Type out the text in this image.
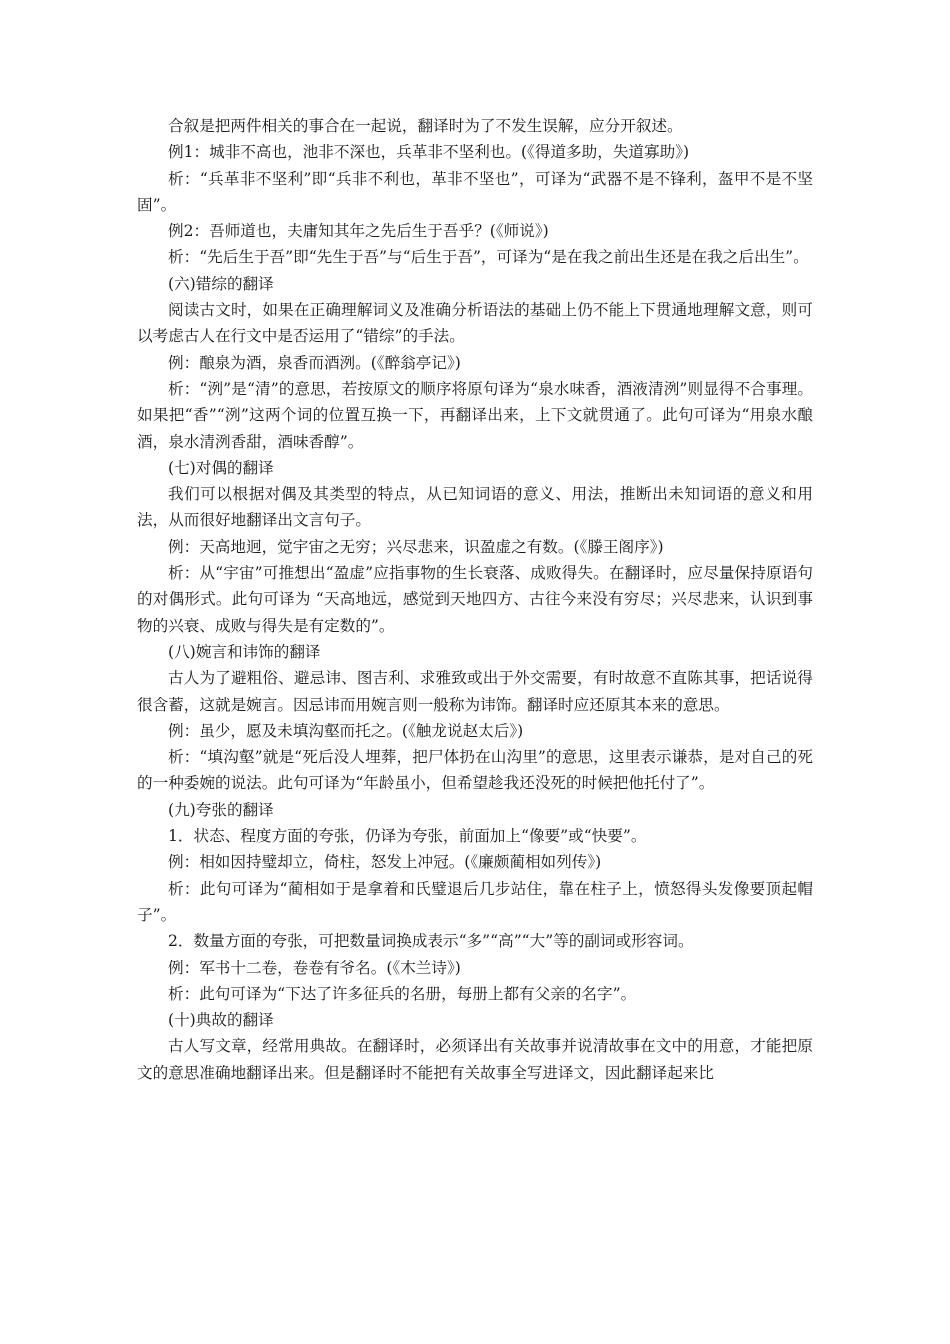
合叙是把两件相关的事合在一起说，翻译时为了不发生误解，应分开叙述。

例1：城非不高也，池非不深也，兵革非不坚利也。(《得道多助，失道寡助》)

析：“兵革非不坚利”即“兵非不利也，革非不坚也”，可译为“武器不是不锋利，盔甲不是不坚固”。

例2：吾师道也，夫庸知其年之先后生于吾乎？(《师说》)

析：“先后生于吾”即“先生于吾”与“后生于吾”，可译为“是在我之前出生还是在我之后出生”。

(六)错综的翻译

阅读古文时，如果在正确理解词义及准确分析语法的基础上仍不能上下贯通地理解文意，则可以考虑古人在行文中是否运用了“错综”的手法。

例：酿泉为酒，泉香而酒洌。(《醉翁亭记》)

析：“洌”是“清”的意思，若按原文的顺序将原句译为“泉水味香，酒液清洌”则显得不合事理。如果把“香”“洌”这两个词的位置互换一下，再翻译出来，上下文就贯通了。此句可译为“用泉水酿酒，泉水清洌香甜，酒味香醇”。

(七)对偶的翻译

我们可以根据对偶及其类型的特点，从已知词语的意义、用法，推断出未知词语的意义和用法，从而很好地翻译出文言句子。

例：天高地迥，觉宇宙之无穷；兴尽悲来，识盈虚之有数。(《滕王阁序》)

析：从“宇宙”可推想出“盈虚”应指事物的生长衰落、成败得失。在翻译时，应尽量保持原语句的对偶形式。此句可译为 “天高地远，感觉到天地四方、古往今来没有穷尽；兴尽悲来，认识到事物的兴衰、成败与得失是有定数的”。

(八)婉言和讳饰的翻译

古人为了避粗俗、避忌讳、图吉利、求雅致或出于外交需要，有时故意不直陈其事，把话说得很含蓄，这就是婉言。因忌讳而用婉言则一般称为讳饰。翻译时应还原其本来的意思。

例：虽少，愿及未填沟壑而托之。(《触龙说赵太后》)

析：“填沟壑”就是“死后没人埋葬，把尸体扔在山沟里”的意思，这里表示谦恭，是对自己的死的一种委婉的说法。此句可译为“年龄虽小，但希望趁我还没死的时候把他托付了”。

(九)夸张的翻译

1．状态、程度方面的夸张，仍译为夸张，前面加上“像要”或“快要”。

例：相如因持璧却立，倚柱，怒发上冲冠。(《廉颇蔺相如列传》)

析：此句可译为“蔺相如于是拿着和氏璧退后几步站住，靠在柱子上，愤怒得头发像要顶起帽子”。

2．数量方面的夸张，可把数量词换成表示“多”“高”“大”等的副词或形容词。

例：军书十二卷，卷卷有爷名。(《木兰诗》)

析：此句可译为“下达了许多征兵的名册，每册上都有父亲的名字”。

(十)典故的翻译

古人写文章，经常用典故。在翻译时，必须译出有关故事并说清故事在文中的用意，才能把原文的意思准确地翻译出来。但是翻译时不能把有关故事全写进译文，因此翻译起来比
